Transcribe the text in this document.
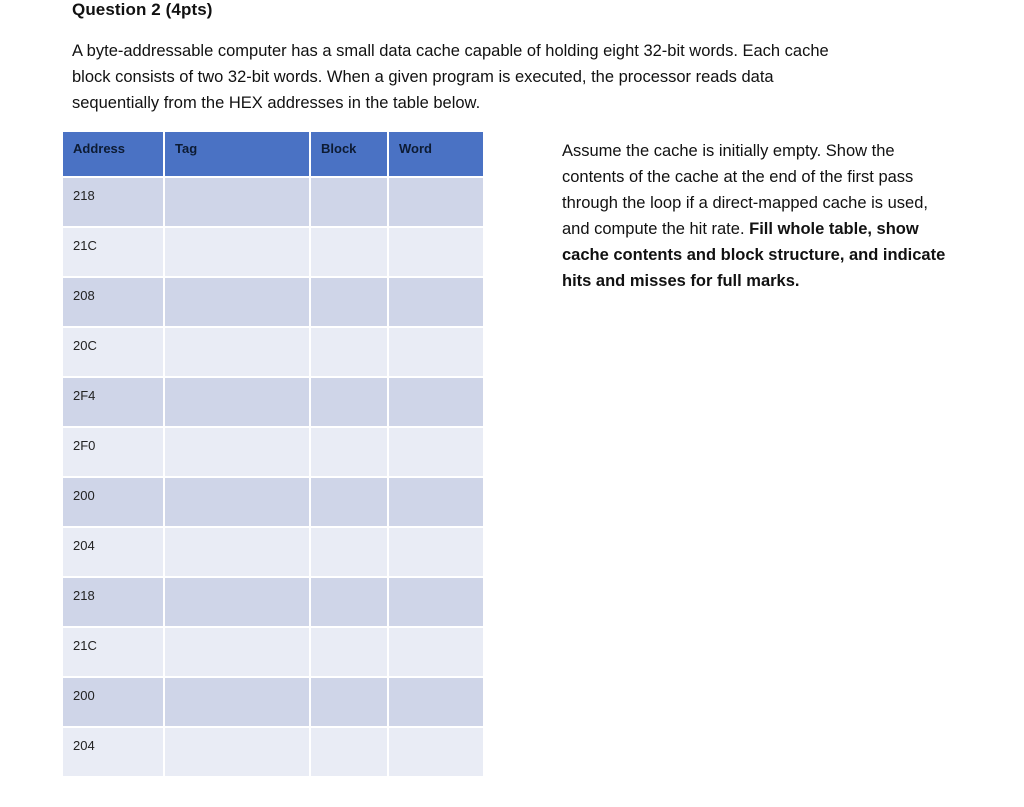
Question 2 (4pts)
A byte-addressable computer has a small data cache capable of holding eight 32-bit words. Each cache
block consists of two 32-bit words. When a given program is executed, the processor reads data
sequentially from the HEX addresses in the table below.
Address	Tag	Block	Word
218			
21C			
208			
20C			
2F4			
2F0			
200			
204			
218			
21C			
200			
204			
Assume the cache is initially empty. Show the
contents of the cache at the end of the first pass
through the loop if a direct-mapped cache is used,
and compute the hit rate. Fill whole table, show
cache contents and block structure, and indicate
hits and misses for full marks.
